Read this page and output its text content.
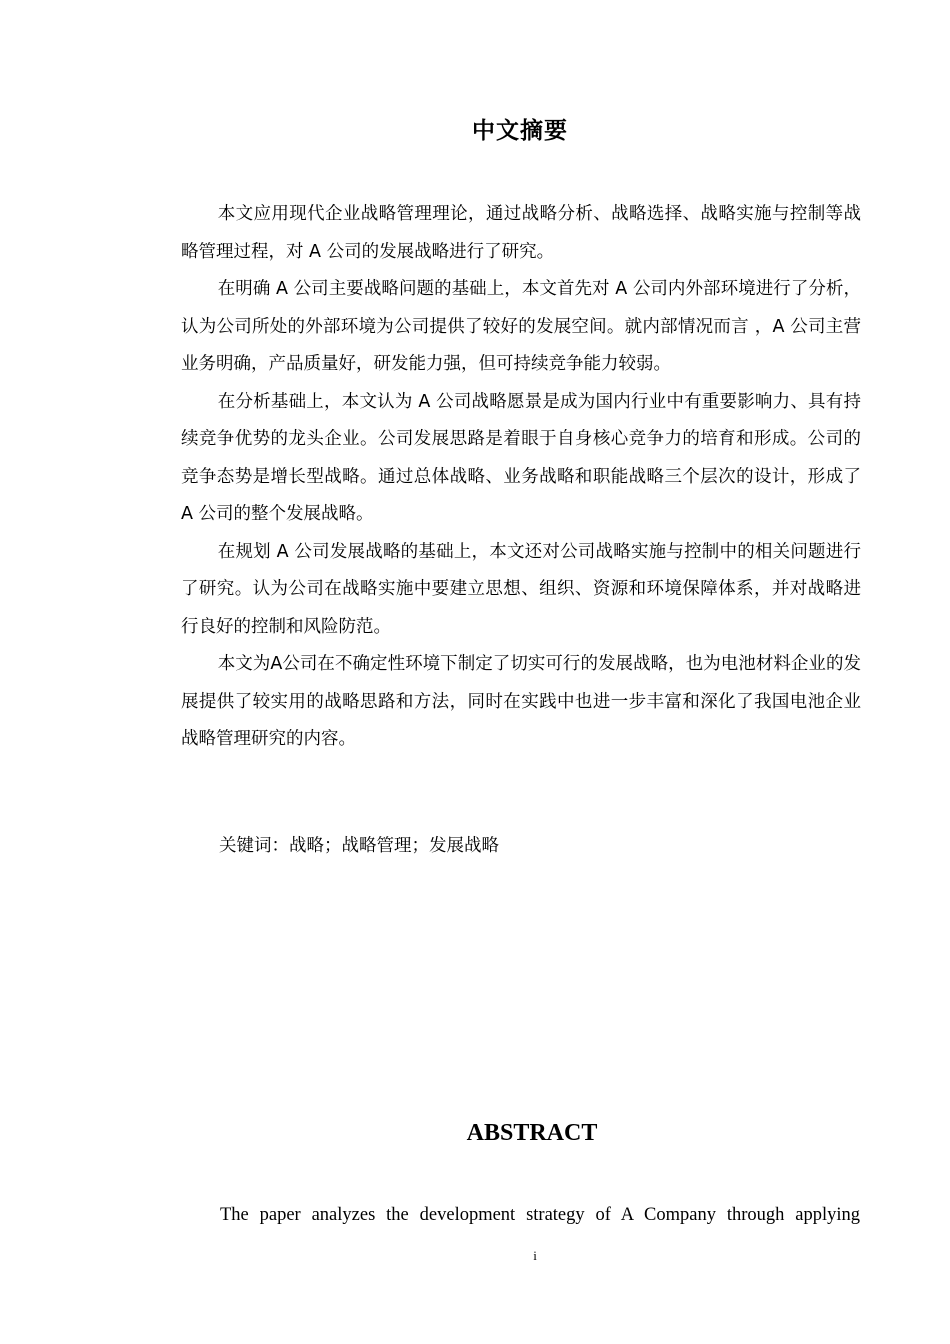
中文摘要

本文应用现代企业战略管理理论，通过战略分析、战略选择、战略实施与控制等战略管理过程，对 A 公司的发展战略进行了研究。

在明确 A 公司主要战略问题的基础上，本文首先对 A 公司内外部环境进行了分析，认为公司所处的外部环境为公司提供了较好的发展空间。就内部情况而言 ，A 公司主营业务明确，产品质量好，研发能力强，但可持续竞争能力较弱。

在分析基础上，本文认为 A 公司战略愿景是成为国内行业中有重要影响力、具有持续竞争优势的龙头企业。公司发展思路是着眼于自身核心竞争力的培育和形成。公司的竞争态势是增长型战略。通过总体战略、业务战略和职能战略三个层次的设计，形成了 A 公司的整个发展战略。

在规划 A 公司发展战略的基础上，本文还对公司战略实施与控制中的相关问题进行了研究。认为公司在战略实施中要建立思想、组织、资源和环境保障体系，并对战略进行良好的控制和风险防范。

本文为A公司在不确定性环境下制定了切实可行的发展战略，也为电池材料企业的发展提供了较实用的战略思路和方法，同时在实践中也进一步丰富和深化了我国电池企业战略管理研究的内容。

关键词：战略；战略管理；发展战略
ABSTRACT
The paper analyzes the development strategy of A Company through applying
i
